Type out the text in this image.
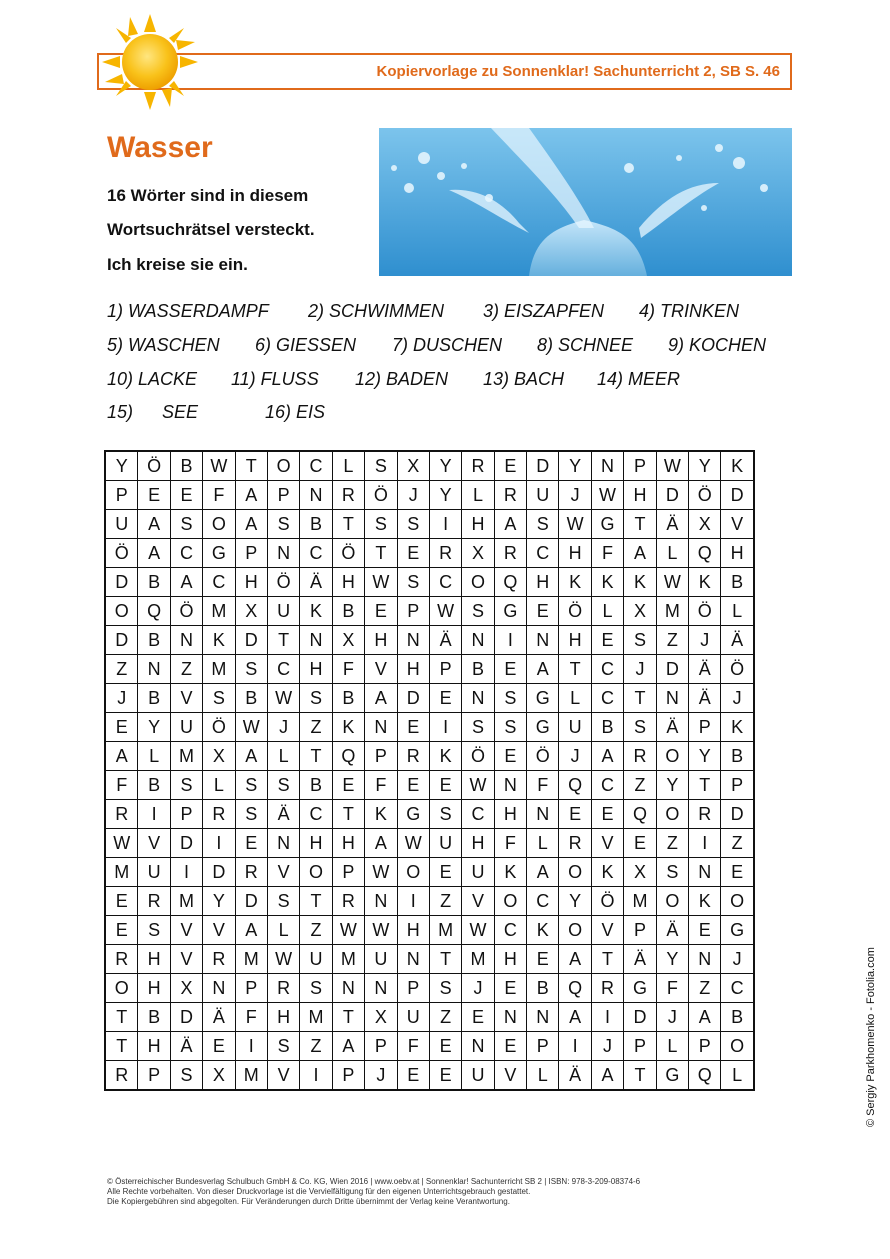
Kopiervorlage zu Sonnenklar! Sachunterricht 2, SB S. 46
Wasser
16 Wörter sind in diesem
Wortsuchrätsel versteckt.
Ich kreise sie ein.
1) WASSERDAMPF 2) SCHWIMMEN 3) EISZAPFEN 4) TRINKEN
5) WASCHEN 6) GIESSEN 7) DUSCHEN 8) SCHNEE 9) KOCHEN
10) LACKE 11) FLUSS 12) BADEN 13) BACH 14) MEER
15) SEE	16) EIS
Y	Ö	B	W	T	O	C	L	S	X	Y	R	E	D	Y	N	P	W	Y	K
P	E	E	F	A	P	N	R	Ö	J	Y	L	R	U	J	W	H	D	Ö	D
U	A	S	O	A	S	B	T	S	S	I	H	A	S	W	G	T	Ä	X	V
Ö	A	C	G	P	N	C	Ö	T	E	R	X	R	C	H	F	A	L	Q	H
D	B	A	C	H	Ö	Ä	H	W	S	C	O	Q	H	K	K	K	W	K	B
O	Q	Ö	M	X	U	K	B	E	P	W	S	G	E	Ö	L	X	M	Ö	L
D	B	N	K	D	T	N	X	H	N	Ä	N	I	N	H	E	S	Z	J	Ä
Z	N	Z	M	S	C	H	F	V	H	P	B	E	A	T	C	J	D	Ä	Ö
J	B	V	S	B	W	S	B	A	D	E	N	S	G	L	C	T	N	Ä	J
E	Y	U	Ö	W	J	Z	K	N	E	I	S	S	G	U	B	S	Ä	P	K
A	L	M	X	A	L	T	Q	P	R	K	Ö	E	Ö	J	A	R	O	Y	B
F	B	S	L	S	S	B	E	F	E	E	W	N	F	Q	C	Z	Y	T	P
R	I	P	R	S	Ä	C	T	K	G	S	C	H	N	E	E	Q	O	R	D
W	V	D	I	E	N	H	H	A	W	U	H	F	L	R	V	E	Z	I	Z
M	U	I	D	R	V	O	P	W	O	E	U	K	A	O	K	X	S	N	E
E	R	M	Y	D	S	T	R	N	I	Z	V	O	C	Y	Ö	M	O	K	O
E	S	V	V	A	L	Z	W	W	H	M	W	C	K	O	V	P	Ä	E	G
R	H	V	R	M	W	U	M	U	N	T	M	H	E	A	T	Ä	Y	N	J
O	H	X	N	P	R	S	N	N	P	S	J	E	B	Q	R	G	F	Z	C
T	B	D	Ä	F	H	M	T	X	U	Z	E	N	N	A	I	D	J	A	B
T	H	Ä	E	I	S	Z	A	P	F	E	N	E	P	I	J	P	L	P	O
R	P	S	X	M	V	I	P	J	E	E	U	V	L	Ä	A	T	G	Q	L	© Sergiy Parkhomenko - Fotolia.com
© Österreichischer Bundesverlag Schulbuch GmbH & Co. KG, Wien 2016 | www.oebv.at | Sonnenklar! Sachunterricht SB 2 | ISBN: 978-3-209-08374-6
Alle Rechte vorbehalten. Von dieser Druckvorlage ist die Vervielfältigung für den eigenen Unterrichtsgebrauch gestattet.
Die Kopiergebühren sind abgegolten. Für Veränderungen durch Dritte übernimmt der Verlag keine Verantwortung.
